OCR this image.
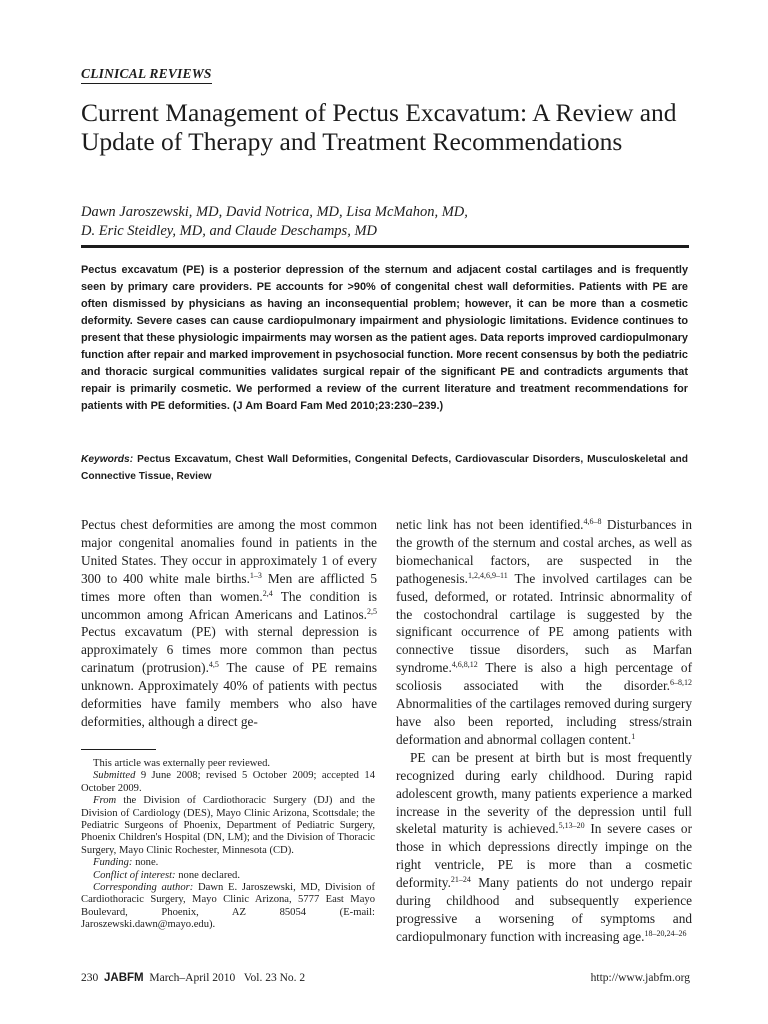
CLINICAL REVIEWS
Current Management of Pectus Excavatum: A Review and Update of Therapy and Treatment Recommendations
Dawn Jaroszewski, MD, David Notrica, MD, Lisa McMahon, MD,
D. Eric Steidley, MD, and Claude Deschamps, MD
Pectus excavatum (PE) is a posterior depression of the sternum and adjacent costal cartilages and is frequently seen by primary care providers. PE accounts for >90% of congenital chest wall deformities. Patients with PE are often dismissed by physicians as having an inconsequential problem; however, it can be more than a cosmetic deformity. Severe cases can cause cardiopulmonary impairment and physiologic limitations. Evidence continues to present that these physiologic impairments may worsen as the patient ages. Data reports improved cardiopulmonary function after repair and marked improvement in psychosocial function. More recent consensus by both the pediatric and thoracic surgical communities validates surgical repair of the significant PE and contradicts arguments that repair is primarily cosmetic. We performed a review of the current literature and treatment recommendations for patients with PE deformities. (J Am Board Fam Med 2010;23:230–239.)
Keywords: Pectus Excavatum, Chest Wall Deformities, Congenital Defects, Cardiovascular Disorders, Musculoskeletal and Connective Tissue, Review

Pectus chest deformities are among the most common major congenital anomalies found in patients in the United States. They occur in approximately 1 of every 300 to 400 white male births.$^{1-3}$ Men are afflicted 5 times more often than women.$^{2,4}$ The condition is uncommon among African Americans and Latinos.$^{2,5}$ Pectus excavatum (PE) with sternal depression is approximately 6 times more common than pectus carinatum (protrusion).$^{4,5}$ The cause of PE remains unknown. Approximately 40% of patients with pectus deformities have family members who also have deformities, although a direct ge-

This article was externally peer reviewed.

Submitted 9 June 2008; revised 5 October 2009; accepted 14 October 2009.

From the Division of Cardiothoracic Surgery (DJ) and the Division of Cardiology (DES), Mayo Clinic Arizona, Scottsdale; the Pediatric Surgeons of Phoenix, Department of Pediatric Surgery, Phoenix Children's Hospital (DN, LM); and the Division of Thoracic Surgery, Mayo Clinic Rochester, Minnesota (CD).

Funding: none.

Conflict of interest: none declared.

Corresponding author: Dawn E. Jaroszewski, MD, Division of Cardiothoracic Surgery, Mayo Clinic Arizona, 5777 East Mayo Boulevard, Phoenix, AZ 85054 (E-mail: Jaroszewski.dawn@mayo.edu).

netic link has not been identified.$^{4,6-8}$ Disturbances in the growth of the sternum and costal arches, as well as biomechanical factors, are suspected in the pathogenesis.$^{1,2,4,6,9-11}$ The involved cartilages can be fused, deformed, or rotated. Intrinsic abnormality of the costochondral cartilage is suggested by the significant occurrence of PE among patients with connective tissue disorders, such as Marfan syndrome.$^{4,6,8,12}$ There is also a high percentage of scoliosis associated with the disorder.$^{6-8,12}$ Abnormalities of the cartilages removed during surgery have also been reported, including stress/strain deformation and abnormal collagen content.$^1$

PE can be present at birth but is most frequently recognized during early childhood. During rapid adolescent growth, many patients experience a marked increase in the severity of the depression until full skeletal maturity is achieved.$^{5,13-20}$ In severe cases or those in which depressions directly impinge on the right ventricle, PE is more than a cosmetic deformity.$^{21-24}$ Many patients do not undergo repair during childhood and subsequently experience progressive a worsening of symptoms and cardiopulmonary function with increasing age.$^{18-20,24-26}$

230 JABFM March–April 2010   Vol. 23 No. 2	http://www.jabfm.org
